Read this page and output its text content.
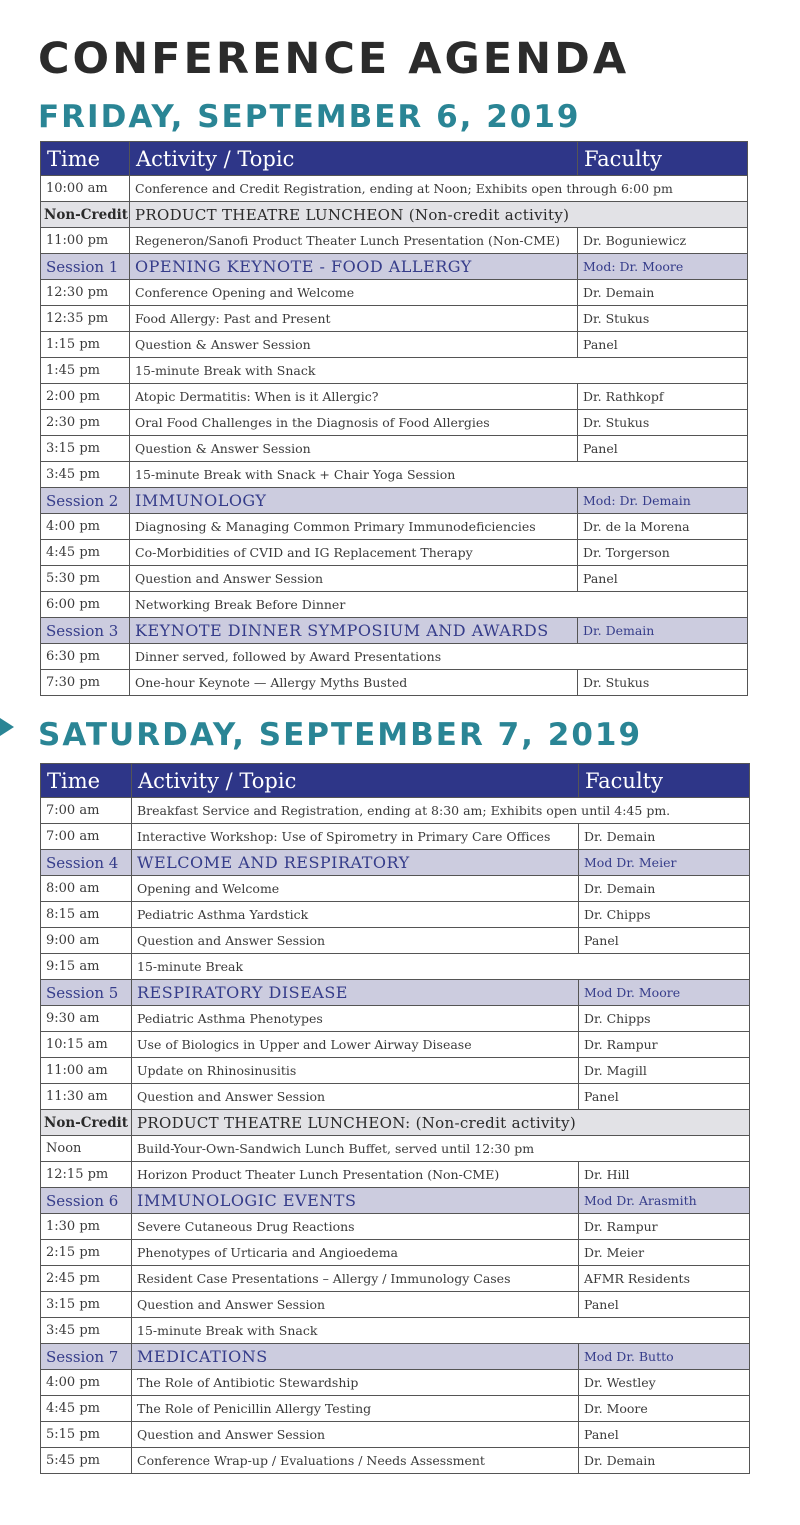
CONFERENCE AGENDA
FRIDAY, SEPTEMBER 6, 2019
Time	Activity / Topic	Faculty
10:00 am	Conference and Credit Registration, ending at Noon; Exhibits open through 6:00 pm	
Non-Credit	PRODUCT THEATRE LUNCHEON (Non-credit activity)	
11:00 pm	Regeneron/Sanofi Product Theater Lunch Presentation (Non-CME)	Dr. Boguniewicz
Session 1	OPENING KEYNOTE - FOOD ALLERGY	Mod: Dr. Moore
12:30 pm	Conference Opening and Welcome	Dr. Demain
12:35 pm	Food Allergy: Past and Present	Dr. Stukus
1:15 pm	Question & Answer Session	Panel
1:45 pm	15-minute Break with Snack	
2:00 pm	Atopic Dermatitis: When is it Allergic?	Dr. Rathkopf
2:30 pm	Oral Food Challenges in the Diagnosis of Food Allergies	Dr. Stukus
3:15 pm	Question & Answer Session	Panel
3:45 pm	15-minute Break with Snack + Chair Yoga Session	
Session 2	IMMUNOLOGY	Mod: Dr. Demain
4:00 pm	Diagnosing & Managing Common Primary Immunodeficiencies	Dr. de la Morena
4:45 pm	Co-Morbidities of CVID and IG Replacement Therapy	Dr. Torgerson
5:30 pm	Question and Answer Session	Panel
6:00 pm	Networking Break Before Dinner	
Session 3	KEYNOTE DINNER SYMPOSIUM AND AWARDS	Dr. Demain
6:30 pm	Dinner served, followed by Award Presentations	
7:30 pm	One-hour Keynote — Allergy Myths Busted	Dr. Stukus
SATURDAY, SEPTEMBER 7, 2019
Time	Activity / Topic	Faculty
7:00 am	Breakfast Service and Registration, ending at 8:30 am; Exhibits open until 4:45 pm.	
7:00 am	Interactive Workshop: Use of Spirometry in Primary Care Offices	Dr. Demain
Session 4	WELCOME AND RESPIRATORY	Mod Dr. Meier
8:00 am	Opening and Welcome	Dr. Demain
8:15 am	Pediatric Asthma Yardstick	Dr. Chipps
9:00 am	Question and Answer Session	Panel
9:15 am	15-minute Break	
Session 5	RESPIRATORY DISEASE	Mod Dr. Moore
9:30 am	Pediatric Asthma Phenotypes	Dr. Chipps
10:15 am	Use of Biologics in Upper and Lower Airway Disease	Dr. Rampur
11:00 am	Update on Rhinosinusitis	Dr. Magill
11:30 am	Question and Answer Session	Panel
Non-Credit	PRODUCT THEATRE LUNCHEON: (Non-credit activity)	
Noon	Build-Your-Own-Sandwich Lunch Buffet, served until 12:30 pm	
12:15 pm	Horizon Product Theater Lunch Presentation (Non-CME)	Dr. Hill
Session 6	IMMUNOLOGIC EVENTS	Mod Dr. Arasmith
1:30 pm	Severe Cutaneous Drug Reactions	Dr. Rampur
2:15 pm	Phenotypes of Urticaria and Angioedema	Dr. Meier
2:45 pm	Resident Case Presentations – Allergy / Immunology Cases	AFMR Residents
3:15 pm	Question and Answer Session	Panel
3:45 pm	15-minute Break with Snack	
Session 7	MEDICATIONS	Mod Dr. Butto
4:00 pm	The Role of Antibiotic Stewardship	Dr. Westley
4:45 pm	The Role of Penicillin Allergy Testing	Dr. Moore
5:15 pm	Question and Answer Session	Panel
5:45 pm	Conference Wrap-up / Evaluations / Needs Assessment	Dr. Demain
